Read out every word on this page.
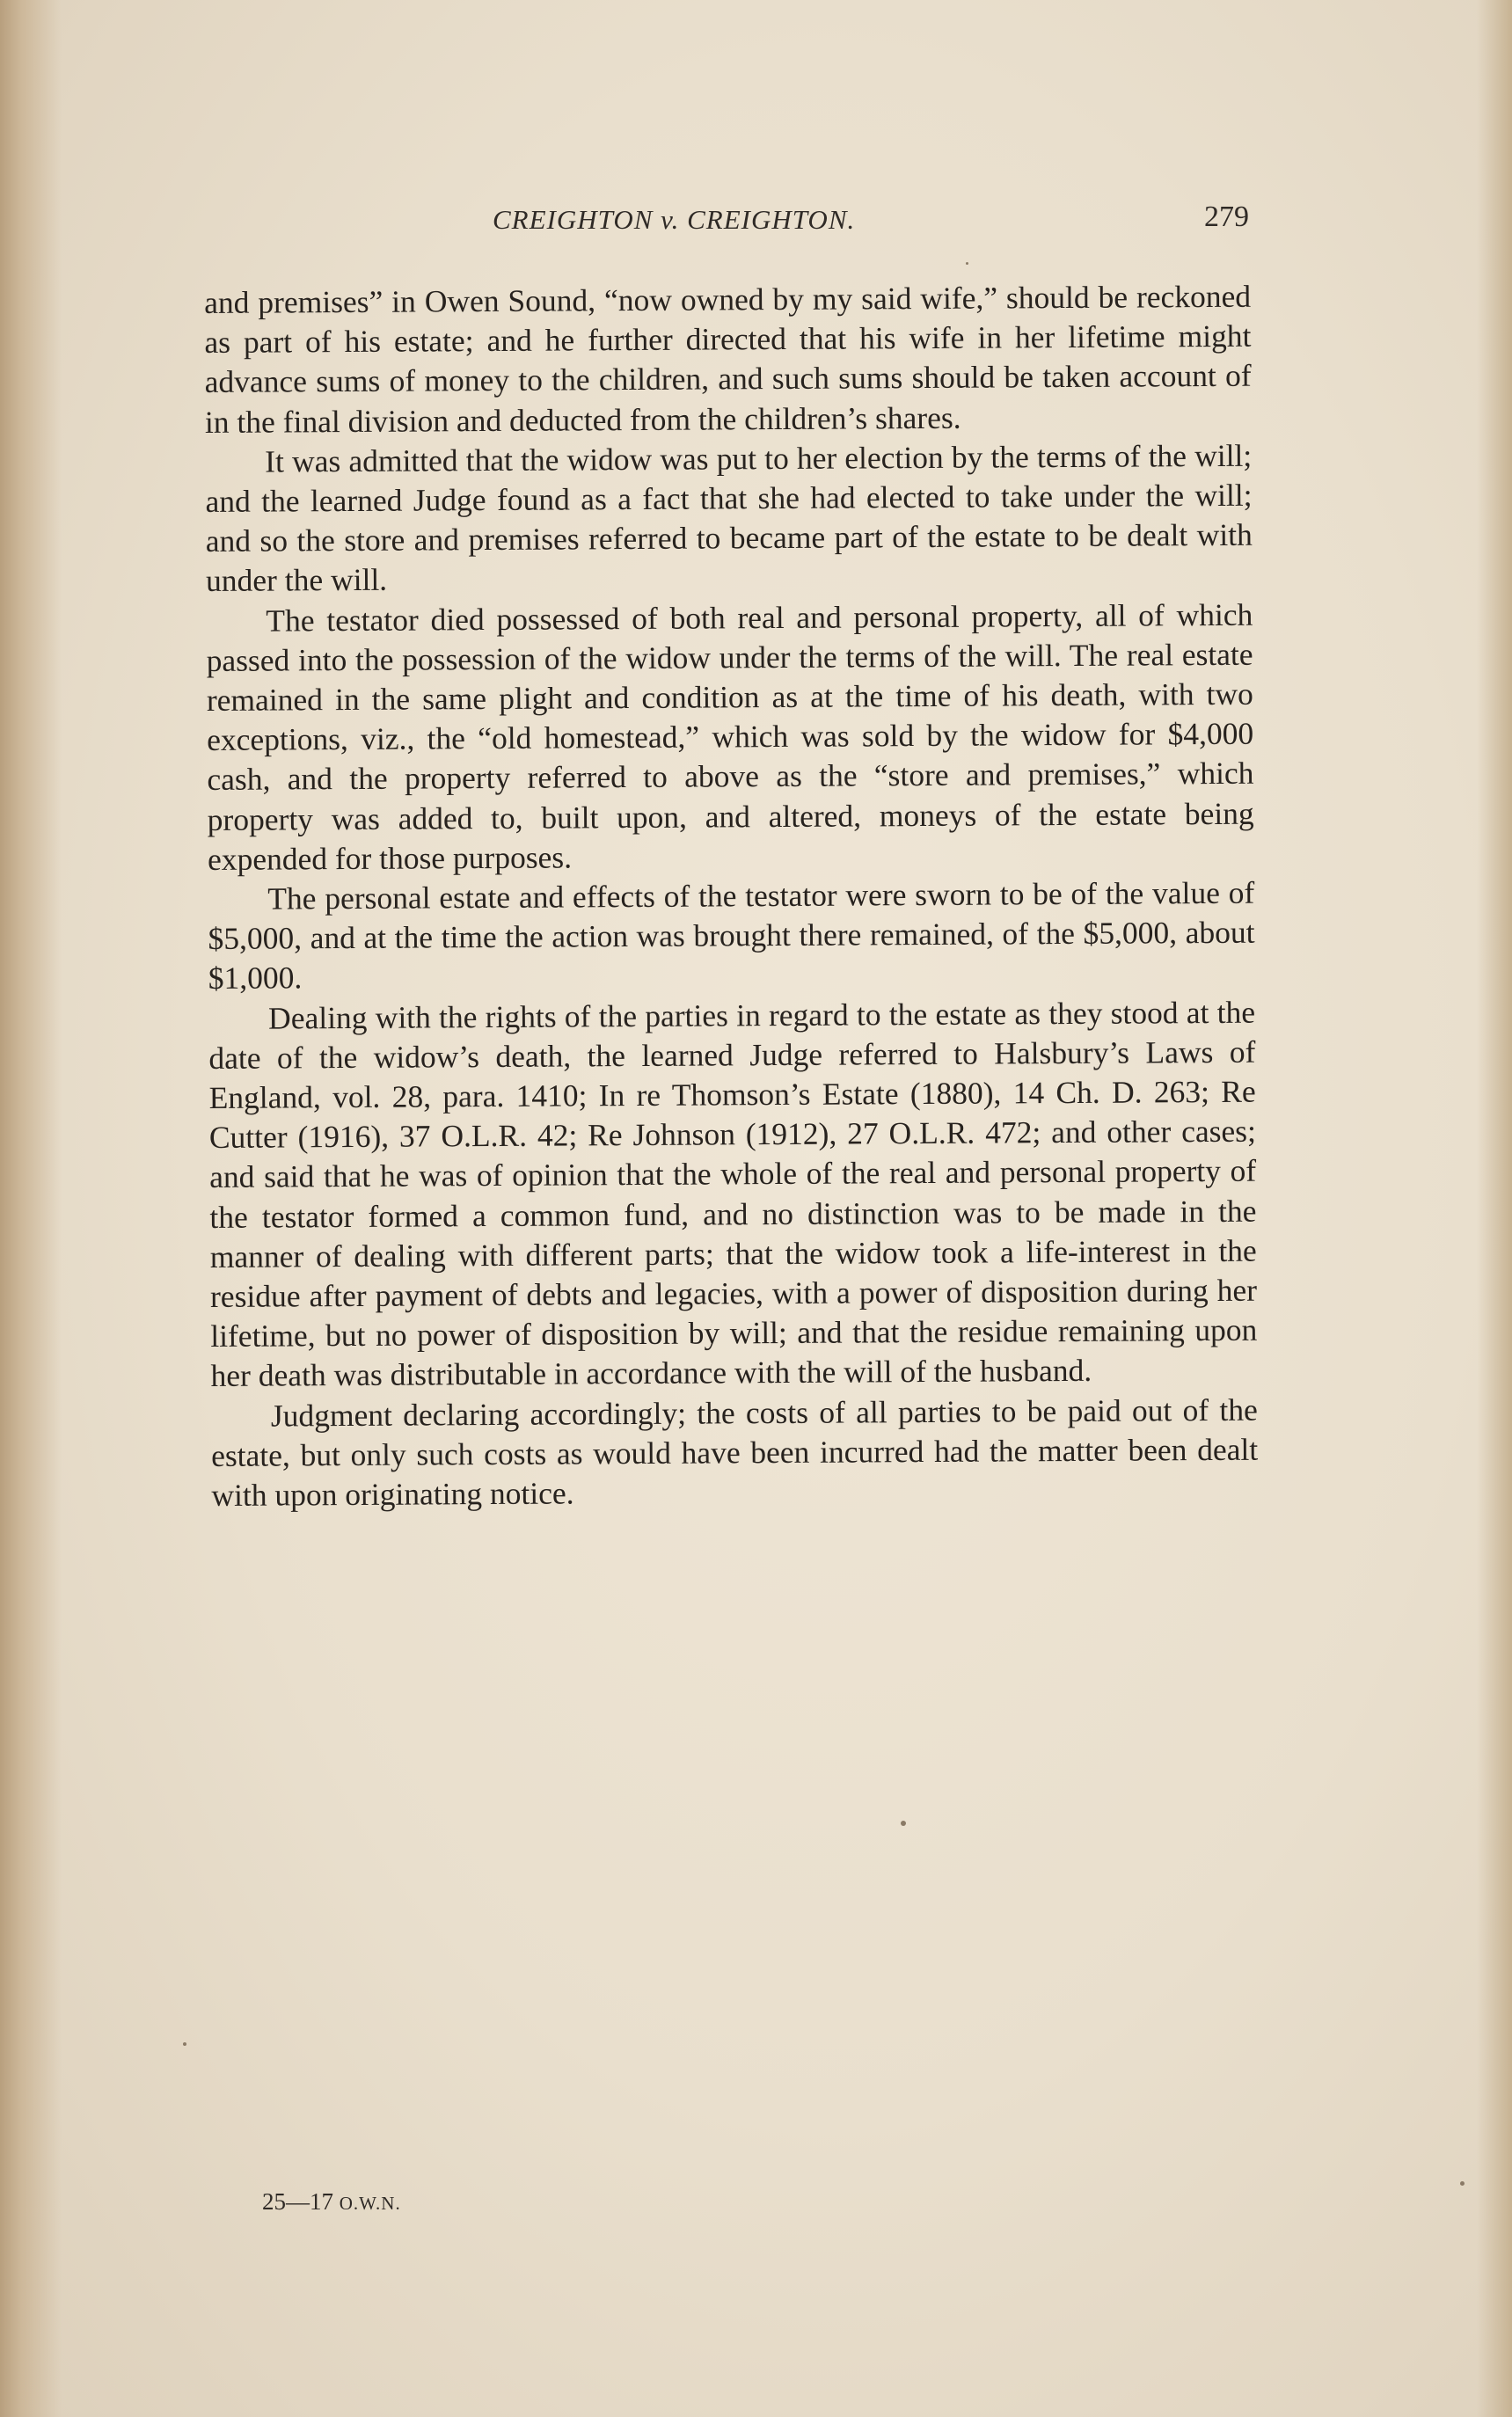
CREIGHTON v. CREIGHTON.	279

and premises” in Owen Sound, “now owned by my said wife,” should be reckoned as part of his estate; and he further directed that his wife in her lifetime might advance sums of money to the children, and such sums should be taken account of in the final division and deducted from the children’s shares.

It was admitted that the widow was put to her election by the terms of the will; and the learned Judge found as a fact that she had elected to take under the will; and so the store and premises referred to became part of the estate to be dealt with under the will.

The testator died possessed of both real and personal property, all of which passed into the possession of the widow under the terms of the will. The real estate remained in the same plight and condition as at the time of his death, with two exceptions, viz., the “old homestead,” which was sold by the widow for $4,000 cash, and the property referred to above as the “store and premises,” which property was added to, built upon, and altered, moneys of the estate being expended for those purposes.

The personal estate and effects of the testator were sworn to be of the value of $5,000, and at the time the action was brought there remained, of the $5,000, about $1,000.

Dealing with the rights of the parties in regard to the estate as they stood at the date of the widow’s death, the learned Judge referred to Halsbury’s Laws of England, vol. 28, para. 1410; In re Thomson’s Estate (1880), 14 Ch. D. 263; Re Cutter (1916), 37 O.L.R. 42; Re Johnson (1912), 27 O.L.R. 472; and other cases; and said that he was of opinion that the whole of the real and personal property of the testator formed a common fund, and no distinction was to be made in the manner of dealing with different parts; that the widow took a life-interest in the residue after payment of debts and legacies, with a power of disposition during her lifetime, but no power of disposition by will; and that the residue remaining upon her death was distributable in accordance with the will of the husband.

Judgment declaring accordingly; the costs of all parties to be paid out of the estate, but only such costs as would have been incurred had the matter been dealt with upon originating notice.

25—17 O.W.N.
